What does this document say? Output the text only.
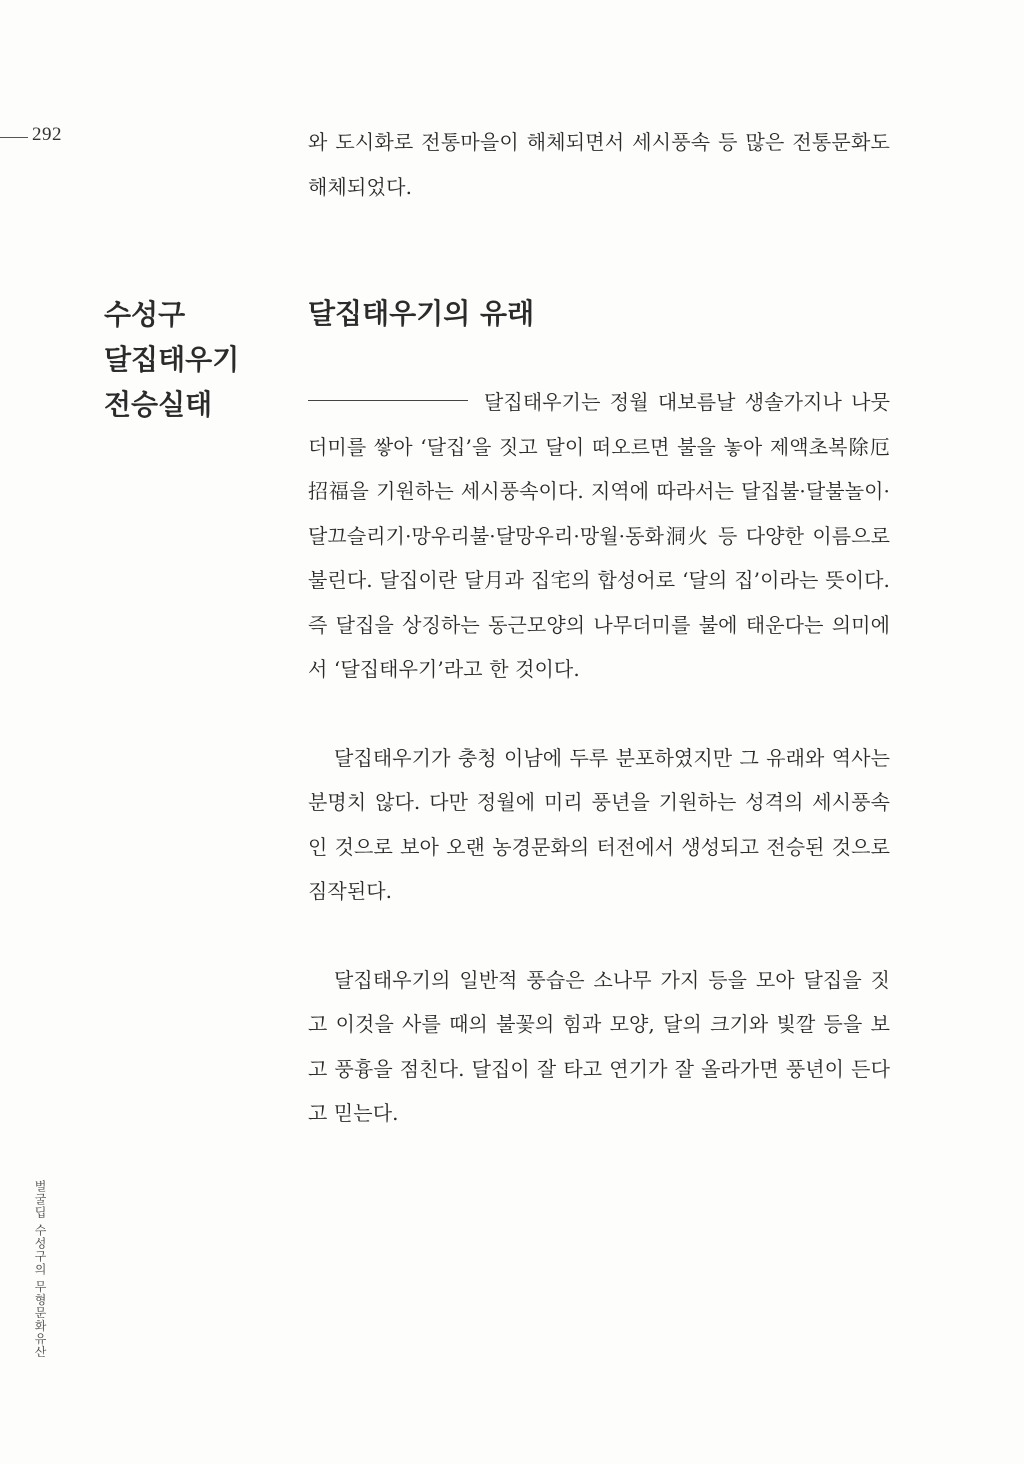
292	와 도시화로 전통마을이 해체되면서 세시풍속 등 많은 전통문화도 해체되었다.
수성구
달집태우기
전승실태
달집태우기의 유래

달집태우기는 정월 대보름날 생솔가지나 나뭇더미를 쌓아 ‘달집’을 짓고 달이 떠오르면 불을 놓아 제액초복除厄招福을 기원하는 세시풍속이다. 지역에 따라서는 달집불·달불놀이·달끄슬리기·망우리불·달망우리·망월·동화洞火 등 다양한 이름으로 불린다. 달집이란 달月과 집宅의 합성어로 ‘달의 집’이라는 뜻이다. 즉 달집을 상징하는 동근모양의 나무더미를 불에 태운다는 의미에서 ‘달집태우기’라고 한 것이다.

달집태우기가 충청 이남에 두루 분포하였지만 그 유래와 역사는 분명치 않다. 다만 정월에 미리 풍년을 기원하는 성격의 세시풍속인 것으로 보아 오랜 농경문화의 터전에서 생성되고 전승된 것으로 짐작된다.

달집태우기의 일반적 풍습은 소나무 가지 등을 모아 달집을 짓고 이것을 사를 때의 불꽃의 힘과 모양, 달의 크기와 빛깔 등을 보고 풍흉을 점친다. 달집이 잘 타고 연기가 잘 올라가면 풍년이 든다고 믿는다.

벌굴딥 수성구의 무형문화유산
